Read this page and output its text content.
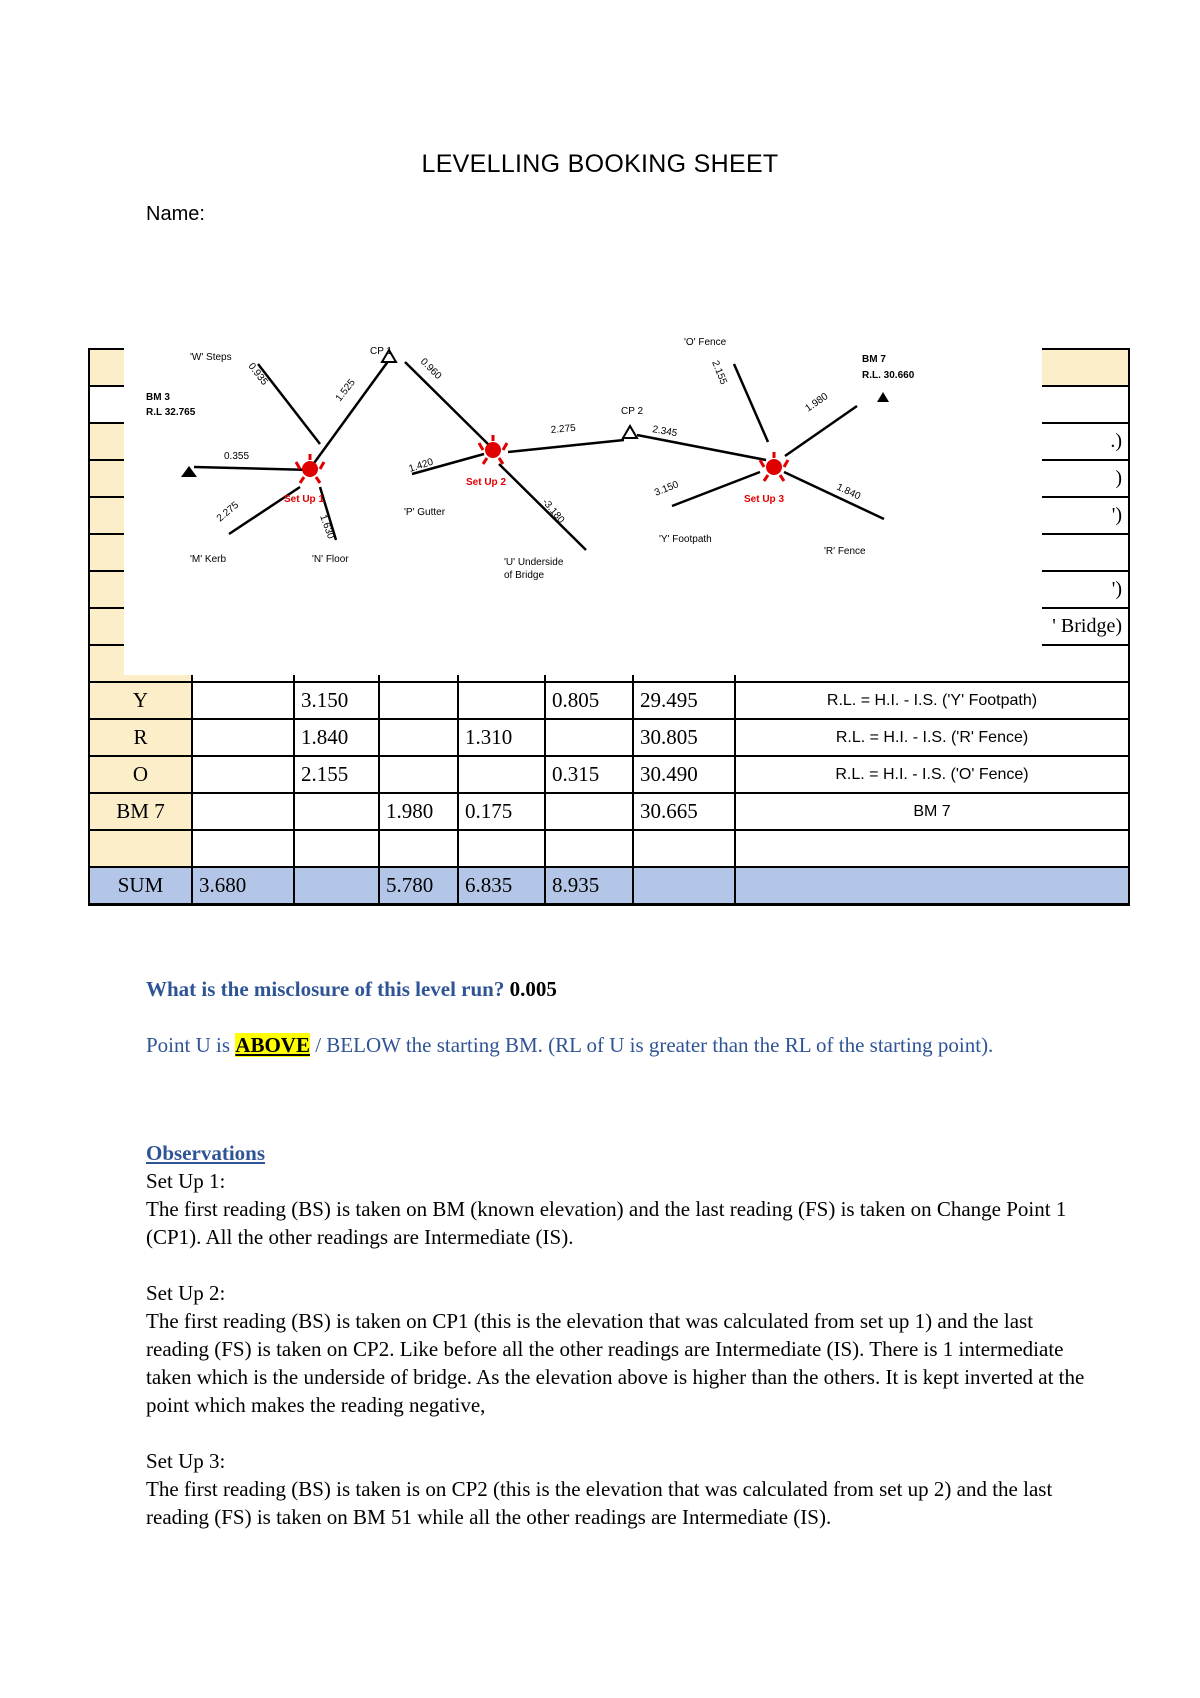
LEVELLING BOOKING SHEET
Name:

							.)

							)

							')

							')

							' Bridge)

Y		3.150			0.805	29.495	R.L. = H.I. - I.S. ('Y' Footpath)
R		1.840		1.310		30.805	R.L. = H.I. - I.S. ('R' Fence)
O		2.155			0.315	30.490	R.L. = H.I. - I.S. ('O' Fence)
BM 7			1.980	0.175		30.665	BM 7

SUM	3.680		5.780	6.835	8.935		
BM 3
R.L 32.765
BM 7
R.L. 30.660
CP 1
CP 2
'W' Steps
'M' Kerb	'N' Floor
'P' Gutter
'U' Underside
of Bridge
'O' Fence
'Y' Footpath
'R' Fence
Set Up 1
Set Up 2
Set Up 3
0.355
0.935
1.525
2.275
1.630
0.960
1.420
-3.180
2.275	2.345
2.155
1.980
3.150	1.840
What is the misclosure of this level run? 0.005
Point U is ABOVE / BELOW the starting BM. (RL of U is greater than the RL of the starting point).

Observations

Set Up 1:

The first reading (BS) is taken on BM (known elevation) and the last reading (FS) is taken on Change Point 1 (CP1). All the other readings are Intermediate (IS).

Set Up 2:

The first reading (BS) is taken on CP1 (this is the elevation that was calculated from set up 1) and the last reading (FS) is taken on CP2. Like before all the other readings are Intermediate (IS). There is 1 intermediate taken which is the underside of bridge. As the elevation above is higher than the others. It is kept inverted at the point which makes the reading negative,

Set Up 3:

The first reading (BS) is taken is on CP2 (this is the elevation that was calculated from set up 2) and the last reading (FS) is taken on BM 51 while all the other readings are Intermediate (IS).
